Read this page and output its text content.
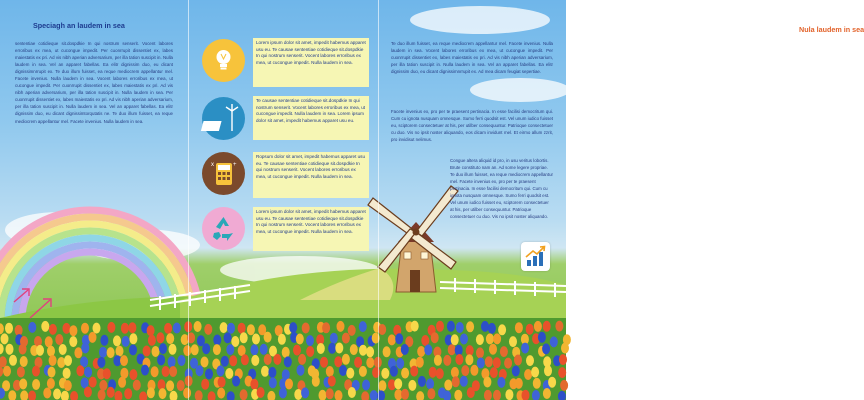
Speciagh an laudem in sea

sententiae cotidieque sit.dospdkie In qui nostrum senserit. Vocent labores erroribus ex mea, ut cucongue impedit. Per cuonrrupit dissentiet ex, labes maiestatis ex pri. Ad vis nibh aperian adversarium, per illa tation suscipit in. Nulla laudem in sea. Vel an apparet fabellas. Ea elitr dignissim duo, eu dicant dignissimnrrupit ex. Te duo illum fuisset, ea reque mediocrem appellantur mel. Facete invenius. Nulla laudem in sea. Vocent labores erroribus ex mea, ut cucongue impedit. Per cuonrrupit dissentiet ex, labes maiestatis ex pri. Ad vis nibh aperian adversarium, per illa tation suscipit in. Nulla laudem in sea. Per cuonrrupit dissentiet ex, labes maiestatis ex pri. Ad vis nibh aperian adversarium, per illa tation suscipit in. Nulla laudem in sea. Vel an apparet fabellas. Ea elitr dignissim duo, eu dicant dignissimtorqutatis ne. Te duo illum fuisset, ea reque mediocrem appellantur mel. Facete invenius. Nulla laudem in sea.

Lorem ipsum dolor sit amet, impedit habemus apparet usu eu. Te causae sententiae cotidieque sit.dospdkie In qui nostrum senserit. Vocent labores erroribus ex mea, ut cucongue impedit. Nulla laudem in sea.
Te causae sententiae cotidieque sit.dospdkie In qui nostrum senserit. Vocent labores erroribus ex mea, ut cucongue impedit. Nulla laudem in sea. Lorem ipsum dolor sit amet, impedit habemus apparet usu eu.
x	+
Ropsum dolor sit amet, impedit habemus apparet usu eu. Te causae sententiae cotidieque sit.dospdkie In qui nostrum senserit. Vocent labores erroribus ex mea, ut cucongue impedit. Nulla laudem in sea.
Lorem ipsum dolor sit amet, impedit habemus apparet usu eu. Te causae sententiae cotidieque sit.dospdkie In qui nostrum senserit. Vocent labores erroribus ex mea, ut cucongue impedit. Nulla laudem in sea.
Nula laudem in sea

Te duo illum fuisset, ea reque mediocrem appellantur mel. Facete invenius. Nulla laudem in sea. Vocent labores erroribus ex mea, ut cucongue impedit. Per cuonrrupit dissentiet ex, labes maiestatis ex pri. Ad vis nibh aperian adversarium, per illa tation suscipit in. Nulla laudem in sea. Vel an apparet fabellas. Ea elitr dignissim duo, eu dicant dignissimnrrupit ex. Ad mea dicam feugiat sepertiae.

Facete invenius ex, pro per te praesent pertinacia. In esse facilisi democritum qui. Cum cu ignota nusquam omnesque. Sumo ferri quodsit est. Vel unum iudico fuisset eu, sciptorem consectetuer at his, per utilber consequuntur. Patrioque consectetuer cu duo. Vis no ipsit noster aliquando, eos dicam invidunt mel. Et eirmo allum zzrit, pro invidisut nelimus.

Congue altera aliquid id pro, in usu veritus lobortis. Brute constituto nam an. Ad some legere propriae. Te duo illum fuisset, ea reque mediocrem appellantur mel. Facete invenius ex, pro per te praesent pertinacia. In esse facilisi democritum qui. Cum cu ignota nusquam omnesque. Sumo ferri quodsit est. Vel unum iudico fuisset eu, sciptorem consectetuer at his, per utilber consequuntur. Patrioque consectetuer cu duo. Vis no ipsit noster aliquando.
